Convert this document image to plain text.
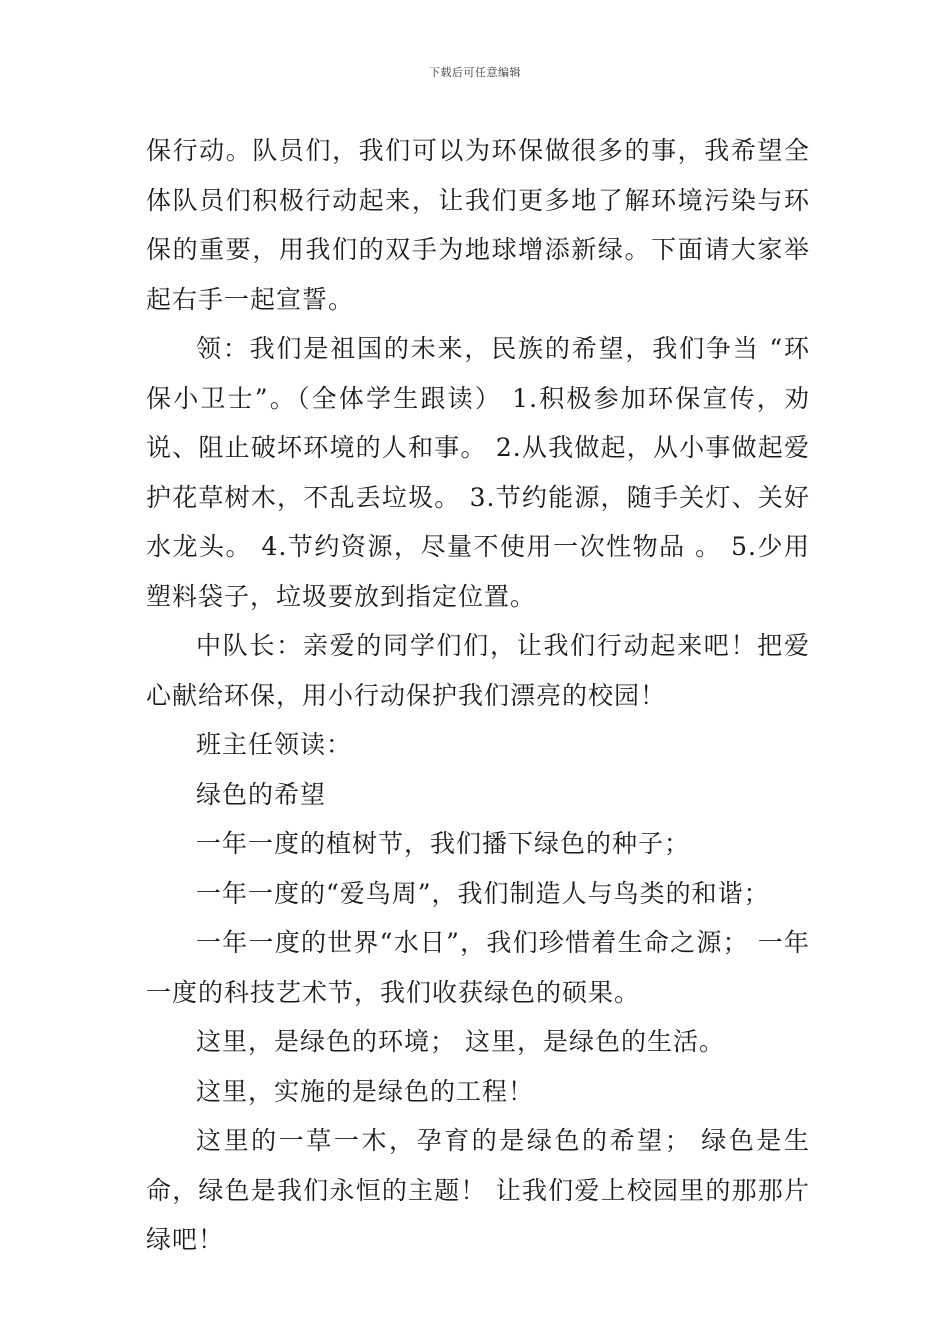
下载后可任意编辑

保行动。队员们，我们可以为环保做很多的事，我希望全体队员们积极行动起来，让我们更多地了解环境污染与环保的重要，用我们的双手为地球增添新绿。下面请大家举起右手一起宣誓。

领：我们是祖国的未来，民族的希望，我们争当 “环保小卫士”。（全体学生跟读） 1.积极参加环保宣传，劝说、阻止破坏环境的人和事。 2.从我做起，从小事做起爱护花草树木，不乱丢垃圾。 3.节约能源，随手关灯、关好水龙头。 4.节约资源，尽量不使用一次性物品 。 5.少用塑料袋子，垃圾要放到指定位置。

中队长：亲爱的同学们们，让我们行动起来吧！把爱心献给环保，用小行动保护我们漂亮的校园！

班主任领读：

绿色的希望

一年一度的植树节，我们播下绿色的种子；

一年一度的“爱鸟周”，我们制造人与鸟类的和谐；

一年一度的世界“水日”，我们珍惜着生命之源； 一年一度的科技艺术节，我们收获绿色的硕果。

这里，是绿色的环境； 这里，是绿色的生活。

这里，实施的是绿色的工程！

这里的一草一木，孕育的是绿色的希望； 绿色是生命，绿色是我们永恒的主题！ 让我们爱上校园里的那那片绿吧！
